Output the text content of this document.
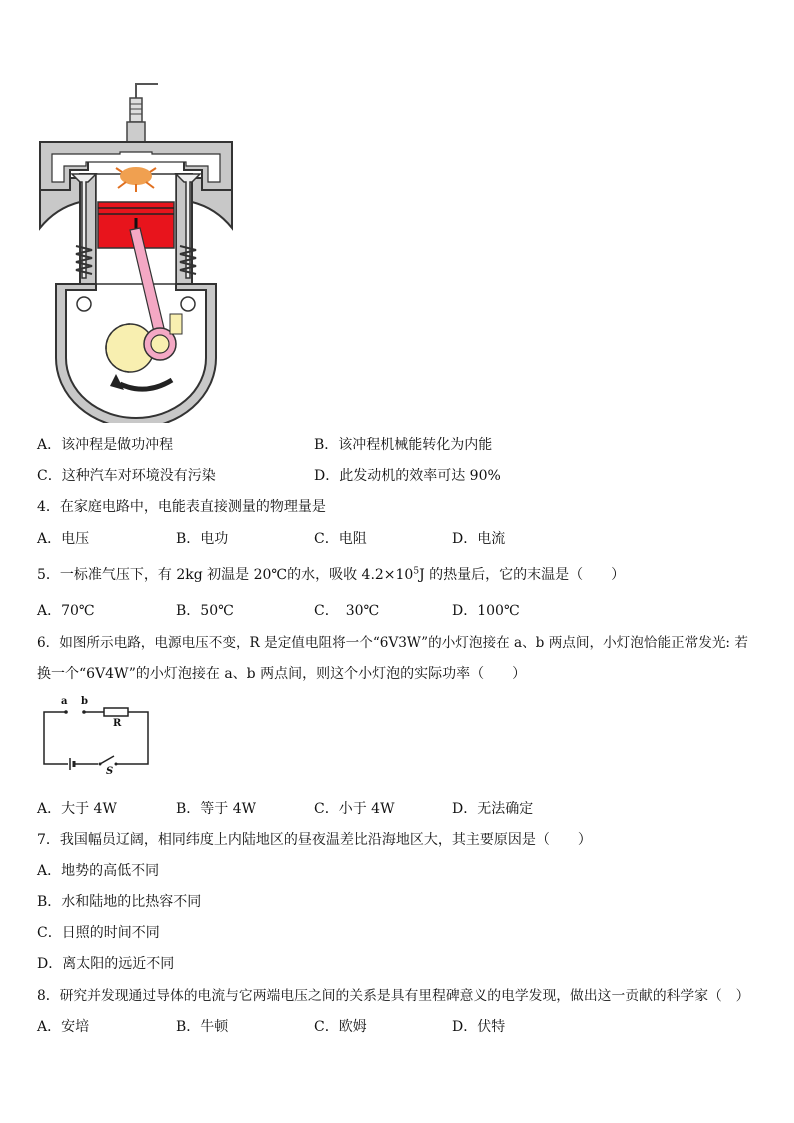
A．该冲程是做功冲程	B．该冲程机械能转化为内能
C．这种汽车对环境没有污染	D．此发动机的效率可达 90%
4．在家庭电路中，电能表直接测量的物理量是
A．电压	B．电功	C．电阻	D．电流
5．一标准气压下，有 2kg 初温是 20℃的水，吸收 $4.2\times 10^5J$ 的热量后，它的末温是（　　）
A．70℃	B．50℃	C．　30℃	D．100℃
6．如图所示电路，电源电压不变，R 是定值电阻将一个“6V3W”的小灯泡接在 a、b 两点间，小灯泡恰能正常发光: 若
换一个“6V4W”的小灯泡接在 a、b 两点间，则这个小灯泡的实际功率（　　）
a b
R
S
A．大于 4W	B．等于 4W	C．小于 4W	D．无法确定
7．我国幅员辽阔，相同纬度上内陆地区的昼夜温差比沿海地区大，其主要原因是（　　）
A．地势的高低不同
B．水和陆地的比热容不同
C．日照的时间不同
D．离太阳的远近不同
8．研究并发现通过导体的电流与它两端电压之间的关系是具有里程碑意义的电学发现，做出这一贡献的科学家（　）
A．安培	B．牛顿	C．欧姆	D．伏特
